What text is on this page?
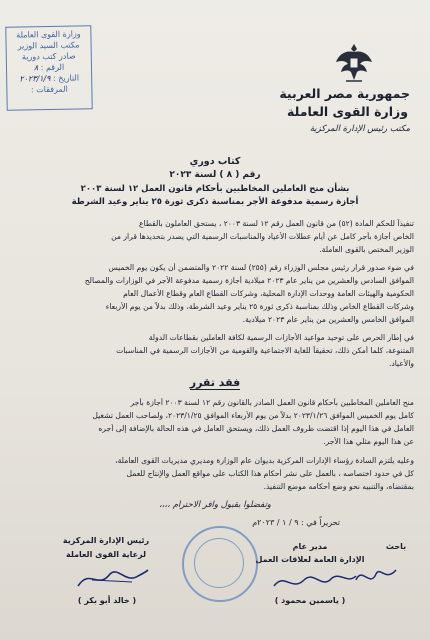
وزارة القوى العاملة
مكتب السيد الوزير
صادر كتب دورية
الرقم : ٨
التاريخ : ٢٠٢٣/١/٩
المرفقات :	جمهورية مصر العربية
وزارة القوى العاملة
مكتب رئيس الإدارة المركزية
كتاب دوري
رقم ( ٨ ) لسنة ٢٠٢٣
بشأن منح العاملين المخاطبين بأحكام قانون العمل ١٢ لسنة ٢٠٠٣
أجازة رسمية مدفوعة الأجر بمناسبة ذكرى ثورة ٢٥ يناير وعيد الشرطة
تنفيذاً للحكم المادة (٥٢) من قانون العمل رقم ١٢ لسنة ٢٠٠٣ ، يستحق العاملون بالقطاع
الخاص أجازة بأجر كامل عن أيام عطلات الأعياد والمناسبات الرسمية التي يصدر بتحديدها قرار من
الوزير المختص بالقوى العاملة.
في ضوء صدور قرار رئيس مجلس الوزراء رقم (٢٥٥) لسنة ٢٠٢٢ والمتضمن أن يكون يوم الخميس
الموافق السادس والعشرين من يناير عام ٢٠٢٣ ميلادية أجازة رسمية مدفوعة الأجر في الوزارات والمصالح
الحكومية والهيئات العامة ووحدات الإدارة المحلية، وشركات القطاع العام وقطاع الأعمال العام
وشركات القطاع الخاص وذلك بمناسبة ذكرى ثورة ٢٥ يناير وعيد الشرطة، وذلك بدلاً من يوم الأربعاء
الموافق الخامس والعشرين من يناير عام ٢٠٢٣ ميلادية.
في إطار الحرص على توحيد مواعيد الأجازات الرسمية لكافة العاملين بقطاعات الدولة
المتنوعة، كلما أمكن ذلك، تحقيقاً للغاية الاجتماعية والقومية من الأجازات الرسمية في المناسبات
والأعياد.
فقد تقرر
منح العاملين المخاطبين بأحكام قانون العمل الصادر بالقانون رقم ١٢ لسنة ٢٠٠٣ أجازة بأجر
كامل يوم الخميس الموافق ٢٠٢٣/١/٢٦ بدلاً من يوم الأربعاء الموافق ٢٠٢٣/١/٢٥، ولصاحب العمل تشغيل
العامل في هذا اليوم إذا اقتضت ظروف العمل ذلك، ويستحق العامل في هذه الحالة بالإضافة إلى أجره
عن هذا اليوم مثلي هذا الأجر.
وعليه يلتزم السادة رؤساء الإدارات المركزية بديوان عام الوزارة ومديري مديريات القوى العاملة،
كل في حدود اختصاصه ، بالعمل على نشر أحكام هذا الكتاب على مواقع العمل والإنتاج للعمل
بمقتضاه، والتنبيه نحو وضع أحكامه موضع التنفيذ.
وتفضلوا بقبول وافر الاحترام ،،،،
تحريراً في : ٩ / ١ / ٢٠٢٣م
باحث
مدير عام
الإدارة العامة لعلاقات العمل
( ياسمين محمود )
رئيس الإدارة المركزية
لرعاية القوى العاملة
( خالد أبو بكر )
